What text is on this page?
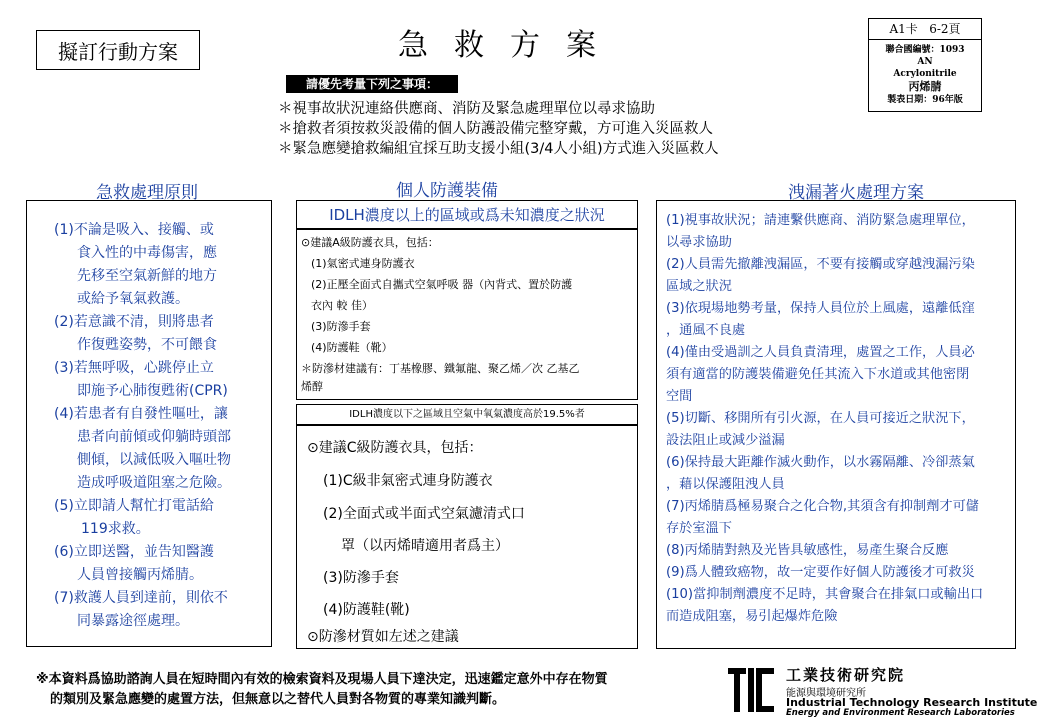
擬訂行動方案	急救方案	A1卡 6-2頁
聯合國編號：1093
AN
Acrylonitrile
丙烯腈
製表日期：96年版
請優先考量下列之事項：
＊視事故狀況連絡供應商、消防及緊急處理單位以尋求協助
＊搶救者須按救災設備的個人防護設備完整穿戴，方可進入災區救人
＊緊急應變搶救編組宜採互助支援小組(3/4人小組)方式進入災區救人
急救處理原則	個人防護裝備	洩漏著火處理方案
(1)不論是吸入、接觸、或
食入性的中毒傷害，應
先移至空氣新鮮的地方
或給予氧氣救護。
(2)若意識不清，則將患者
作復甦姿勢，不可餵食
(3)若無呼吸，心跳停止立
即施予心肺復甦術(CPR)
(4)若患者有自發性嘔吐，讓
患者向前傾或仰躺時頭部
側傾，以減低吸入嘔吐物
造成呼吸道阻塞之危險。
(5)立即請人幫忙打電話給
119求救。
(6)立即送醫，並告知醫護
人員曾接觸丙烯腈。
(7)救護人員到達前，則依不
同暴露途徑處理。
IDLH濃度以上的區域或爲未知濃度之狀況
⊙建議A級防護衣具，包括：
(1)氣密式連身防護衣
(2)正壓全面式自攜式空氣呼吸 器（內背式、置於防護
衣內 較 佳）
(3)防滲手套
(4)防護鞋（靴）
＊防滲材建議有：丁基橡膠、鐵氟龍、聚乙烯／次 乙基乙
烯醇
IDLH濃度以下之區域且空氣中氧氣濃度高於19.5%者
⊙建議C級防護衣具，包括：
(1)C級非氣密式連身防護衣
(2)全面式或半面式空氣濾清式口
罩（以丙烯晴適用者爲主）
(3)防滲手套
(4)防護鞋(靴)
⊙防滲材質如左述之建議
(1)視事故狀況；請連繫供應商、消防緊急處理單位，
以尋求協助
(2)人員需先撤離洩漏區，不要有接觸或穿越洩漏污染
區域之狀況
(3)依現場地勢考量，保持人員位於上風處，遠離低窪
，通風不良處
(4)僅由受過訓之人員負責清理，處置之工作，人員必
須有適當的防護裝備避免任其流入下水道或其他密閉
空間
(5)切斷、移開所有引火源，在人員可接近之狀況下，
設法阻止或減少溢漏
(6)保持最大距離作滅火動作，以水霧隔離、冷卻蒸氣
，藉以保護阻洩人員
(7)丙烯腈爲極易聚合之化合物,其須含有抑制劑才可儲
存於室溫下
(8)丙烯腈對熱及光皆具敏感性，易產生聚合反應
(9)爲人體致癌物，故一定要作好個人防護後才可救災
(10)當抑制劑濃度不足時，其會聚合在排氣口或輸出口
而造成阻塞，易引起爆炸危險
※本資料爲協助諮詢人員在短時間內有效的檢索資料及現場人員下達決定，迅速鑑定意外中存在物質
的類別及緊急應變的處置方法，但無意以之替代人員對各物質的專業知識判斷。
工業技術研究院
能源與環境研究所
Industrial Technology Research Institute
Energy and Environment Research Laboratories
